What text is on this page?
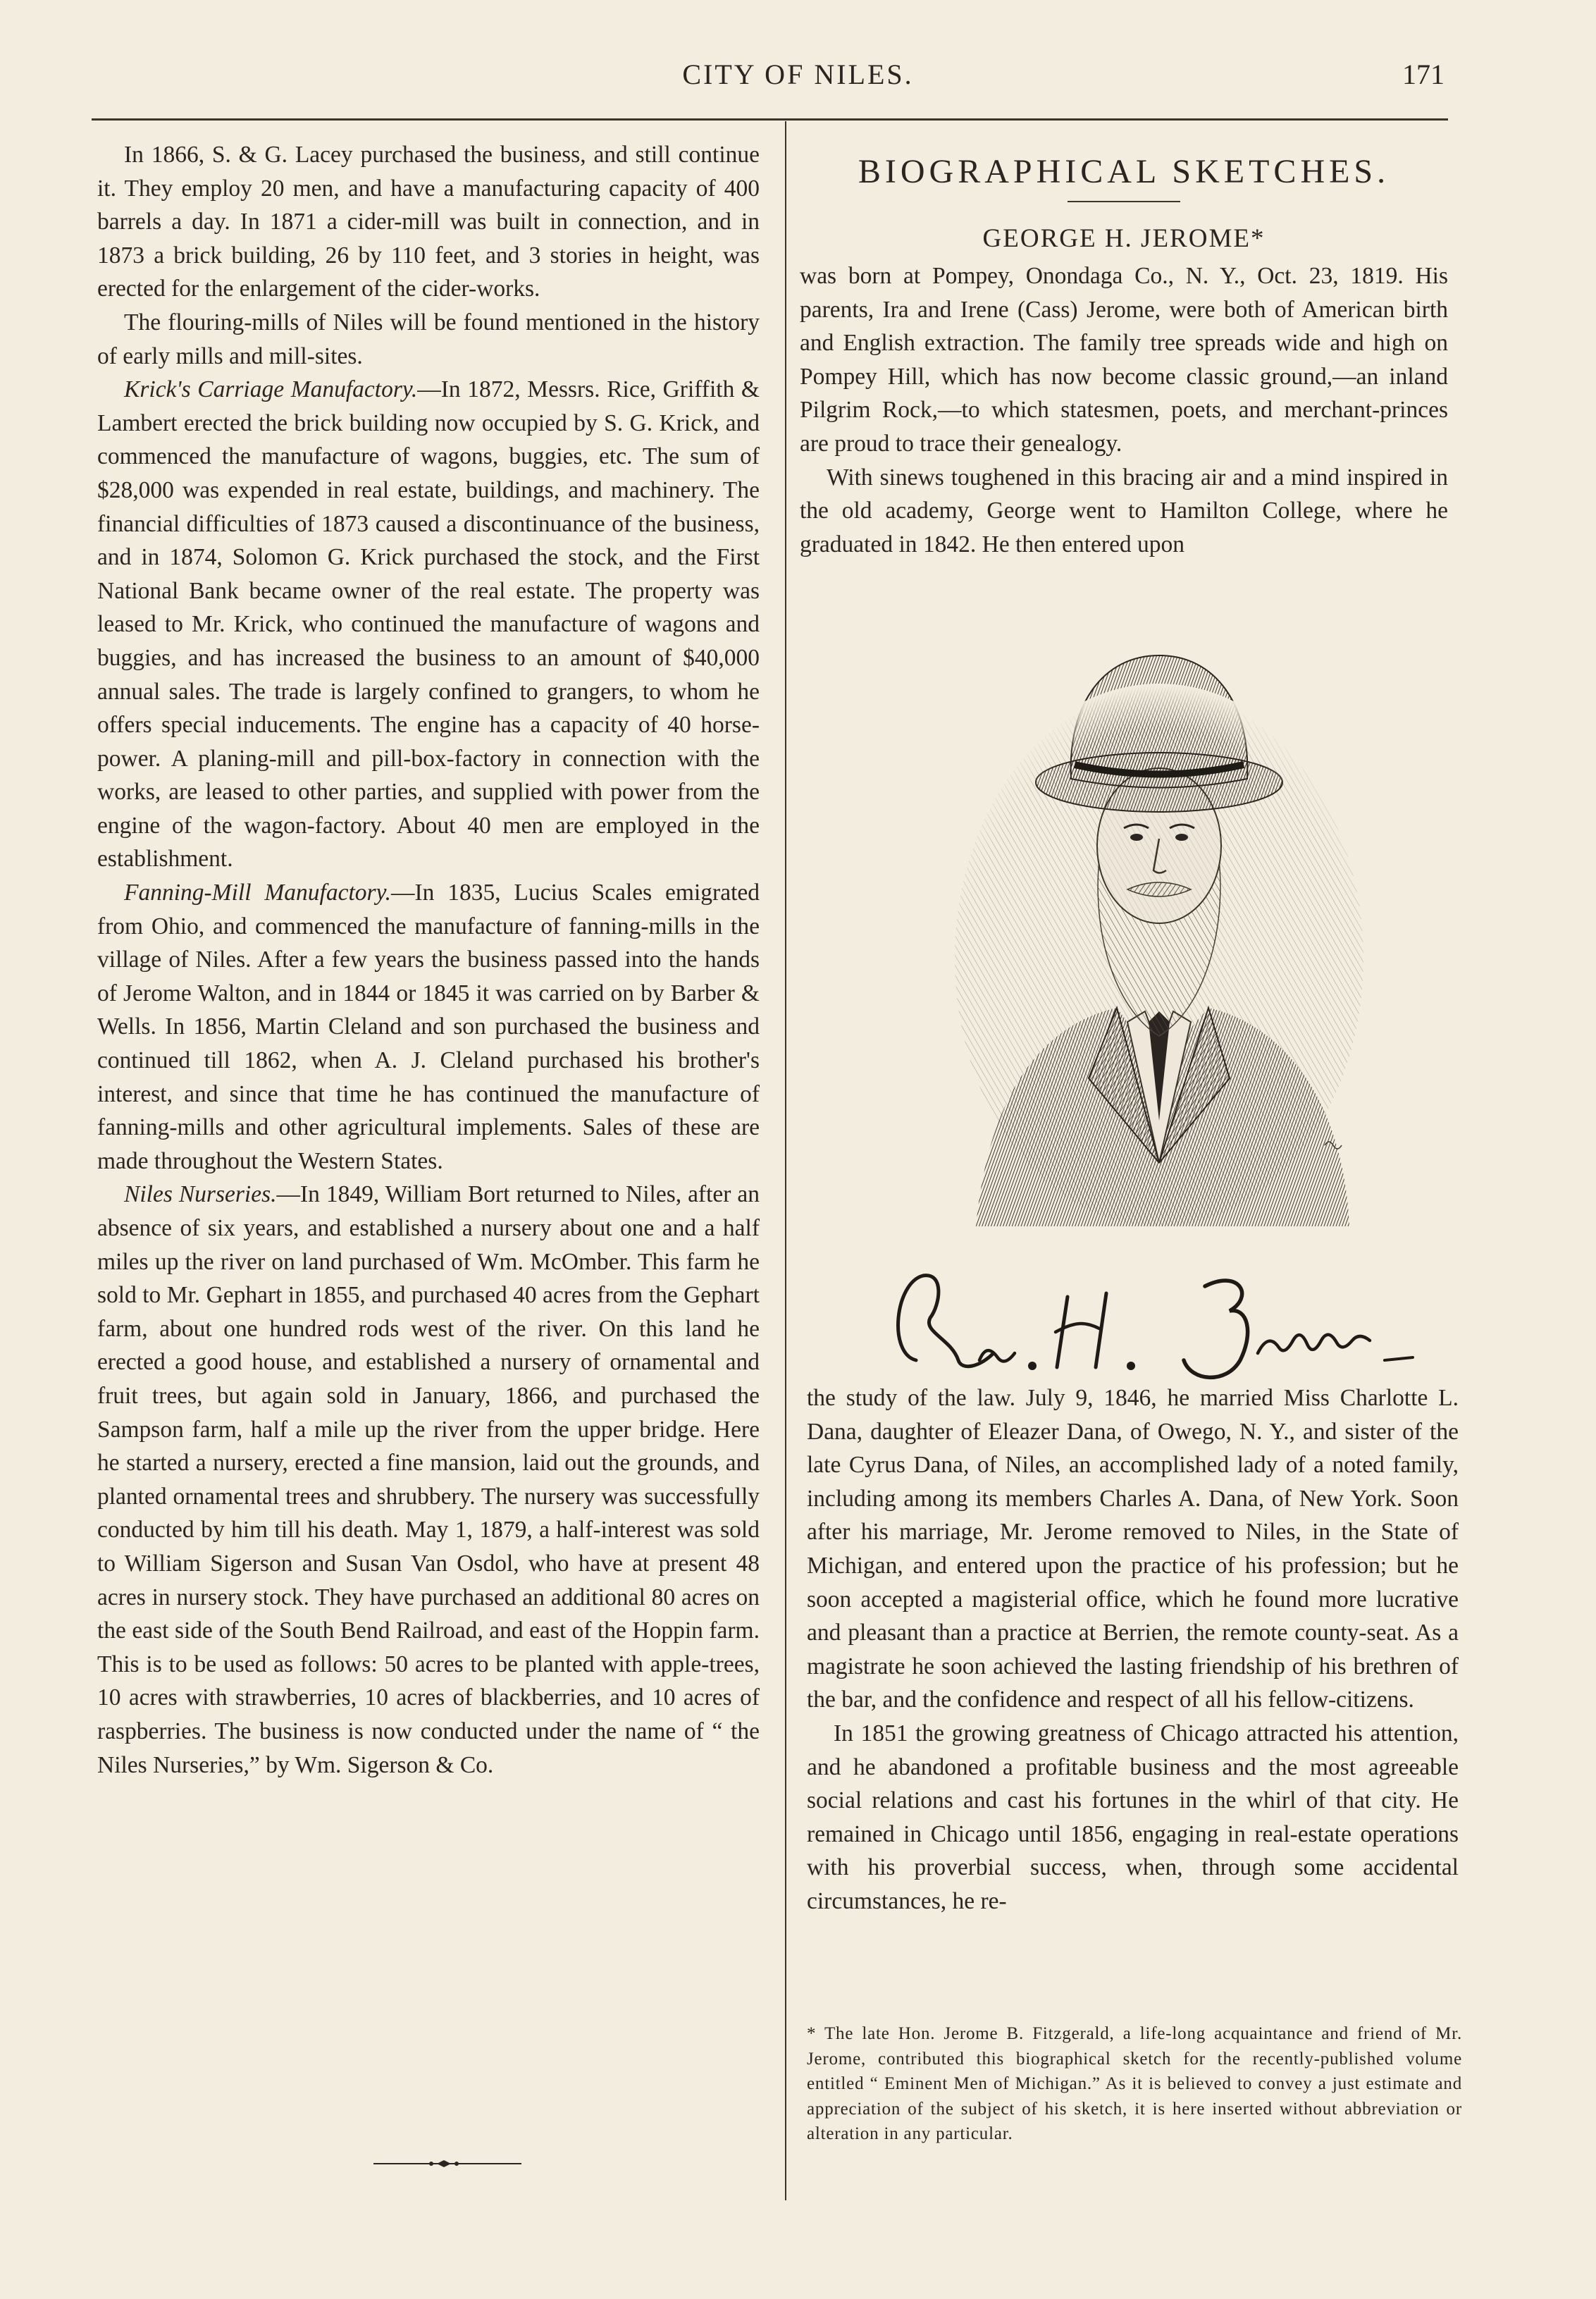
CITY OF NILES.	171

In 1866, S. & G. Lacey purchased the business, and still continue it. They employ 20 men, and have a manufacturing capacity of 400 barrels a day. In 1871 a cider-mill was built in connection, and in 1873 a brick building, 26 by 110 feet, and 3 stories in height, was erected for the enlargement of the cider-works.

The flouring-mills of Niles will be found mentioned in the history of early mills and mill-sites.

Krick's Carriage Manufactory.—In 1872, Messrs. Rice, Griffith & Lambert erected the brick building now occupied by S. G. Krick, and commenced the manufacture of wagons, buggies, etc. The sum of $28,000 was expended in real estate, buildings, and machinery. The financial difficulties of 1873 caused a discontinuance of the business, and in 1874, Solomon G. Krick purchased the stock, and the First National Bank became owner of the real estate. The property was leased to Mr. Krick, who continued the manufacture of wagons and buggies, and has increased the business to an amount of $40,000 annual sales. The trade is largely confined to grangers, to whom he offers special inducements. The engine has a capacity of 40 horse-power. A planing-mill and pill-box-factory in connection with the works, are leased to other parties, and supplied with power from the engine of the wagon-factory. About 40 men are employed in the establishment.

Fanning-Mill Manufactory.—In 1835, Lucius Scales emigrated from Ohio, and commenced the manufacture of fanning-mills in the village of Niles. After a few years the business passed into the hands of Jerome Walton, and in 1844 or 1845 it was carried on by Barber & Wells. In 1856, Martin Cleland and son purchased the business and continued till 1862, when A. J. Cleland purchased his brother's interest, and since that time he has continued the manufacture of fanning-mills and other agricultural implements. Sales of these are made throughout the Western States.

Niles Nurseries.—In 1849, William Bort returned to Niles, after an absence of six years, and established a nursery about one and a half miles up the river on land purchased of Wm. McOmber. This farm he sold to Mr. Gephart in 1855, and purchased 40 acres from the Gephart farm, about one hundred rods west of the river. On this land he erected a good house, and established a nursery of ornamental and fruit trees, but again sold in January, 1866, and purchased the Sampson farm, half a mile up the river from the upper bridge. Here he started a nursery, erected a fine mansion, laid out the grounds, and planted ornamental trees and shrubbery. The nursery was successfully conducted by him till his death. May 1, 1879, a half-interest was sold to William Sigerson and Susan Van Osdol, who have at present 48 acres in nursery stock. They have purchased an additional 80 acres on the east side of the South Bend Railroad, and east of the Hoppin farm. This is to be used as follows: 50 acres to be planted with apple-trees, 10 acres with strawberries, 10 acres of blackberries, and 10 acres of raspberries. The business is now conducted under the name of “ the Niles Nurseries,” by Wm. Sigerson & Co.

BIOGRAPHICAL SKETCHES.
GEORGE H. JEROME*

was born at Pompey, Onondaga Co., N. Y., Oct. 23, 1819. His parents, Ira and Irene (Cass) Jerome, were both of American birth and English extraction. The family tree spreads wide and high on Pompey Hill, which has now become classic ground,—an inland Pilgrim Rock,—to which statesmen, poets, and merchant-princes are proud to trace their genealogy.

With sinews toughened in this bracing air and a mind inspired in the old academy, George went to Hamilton College, where he graduated in 1842. He then entered upon

the study of the law. July 9, 1846, he married Miss Charlotte L. Dana, daughter of Eleazer Dana, of Owego, N. Y., and sister of the late Cyrus Dana, of Niles, an accomplished lady of a noted family, including among its members Charles A. Dana, of New York. Soon after his marriage, Mr. Jerome removed to Niles, in the State of Michigan, and entered upon the practice of his profession; but he soon accepted a magisterial office, which he found more lucrative and pleasant than a practice at Berrien, the remote county-seat. As a magistrate he soon achieved the lasting friendship of his brethren of the bar, and the confidence and respect of all his fellow-citizens.

In 1851 the growing greatness of Chicago attracted his attention, and he abandoned a profitable business and the most agreeable social relations and cast his fortunes in the whirl of that city. He remained in Chicago until 1856, engaging in real-estate operations with his proverbial success, when, through some accidental circumstances, he re-

* The late Hon. Jerome B. Fitzgerald, a life-long acquaintance and friend of Mr. Jerome, contributed this biographical sketch for the recently-published volume entitled “ Eminent Men of Michigan.” As it is believed to convey a just estimate and appreciation of the subject of his sketch, it is here inserted without abbreviation or alteration in any particular.
